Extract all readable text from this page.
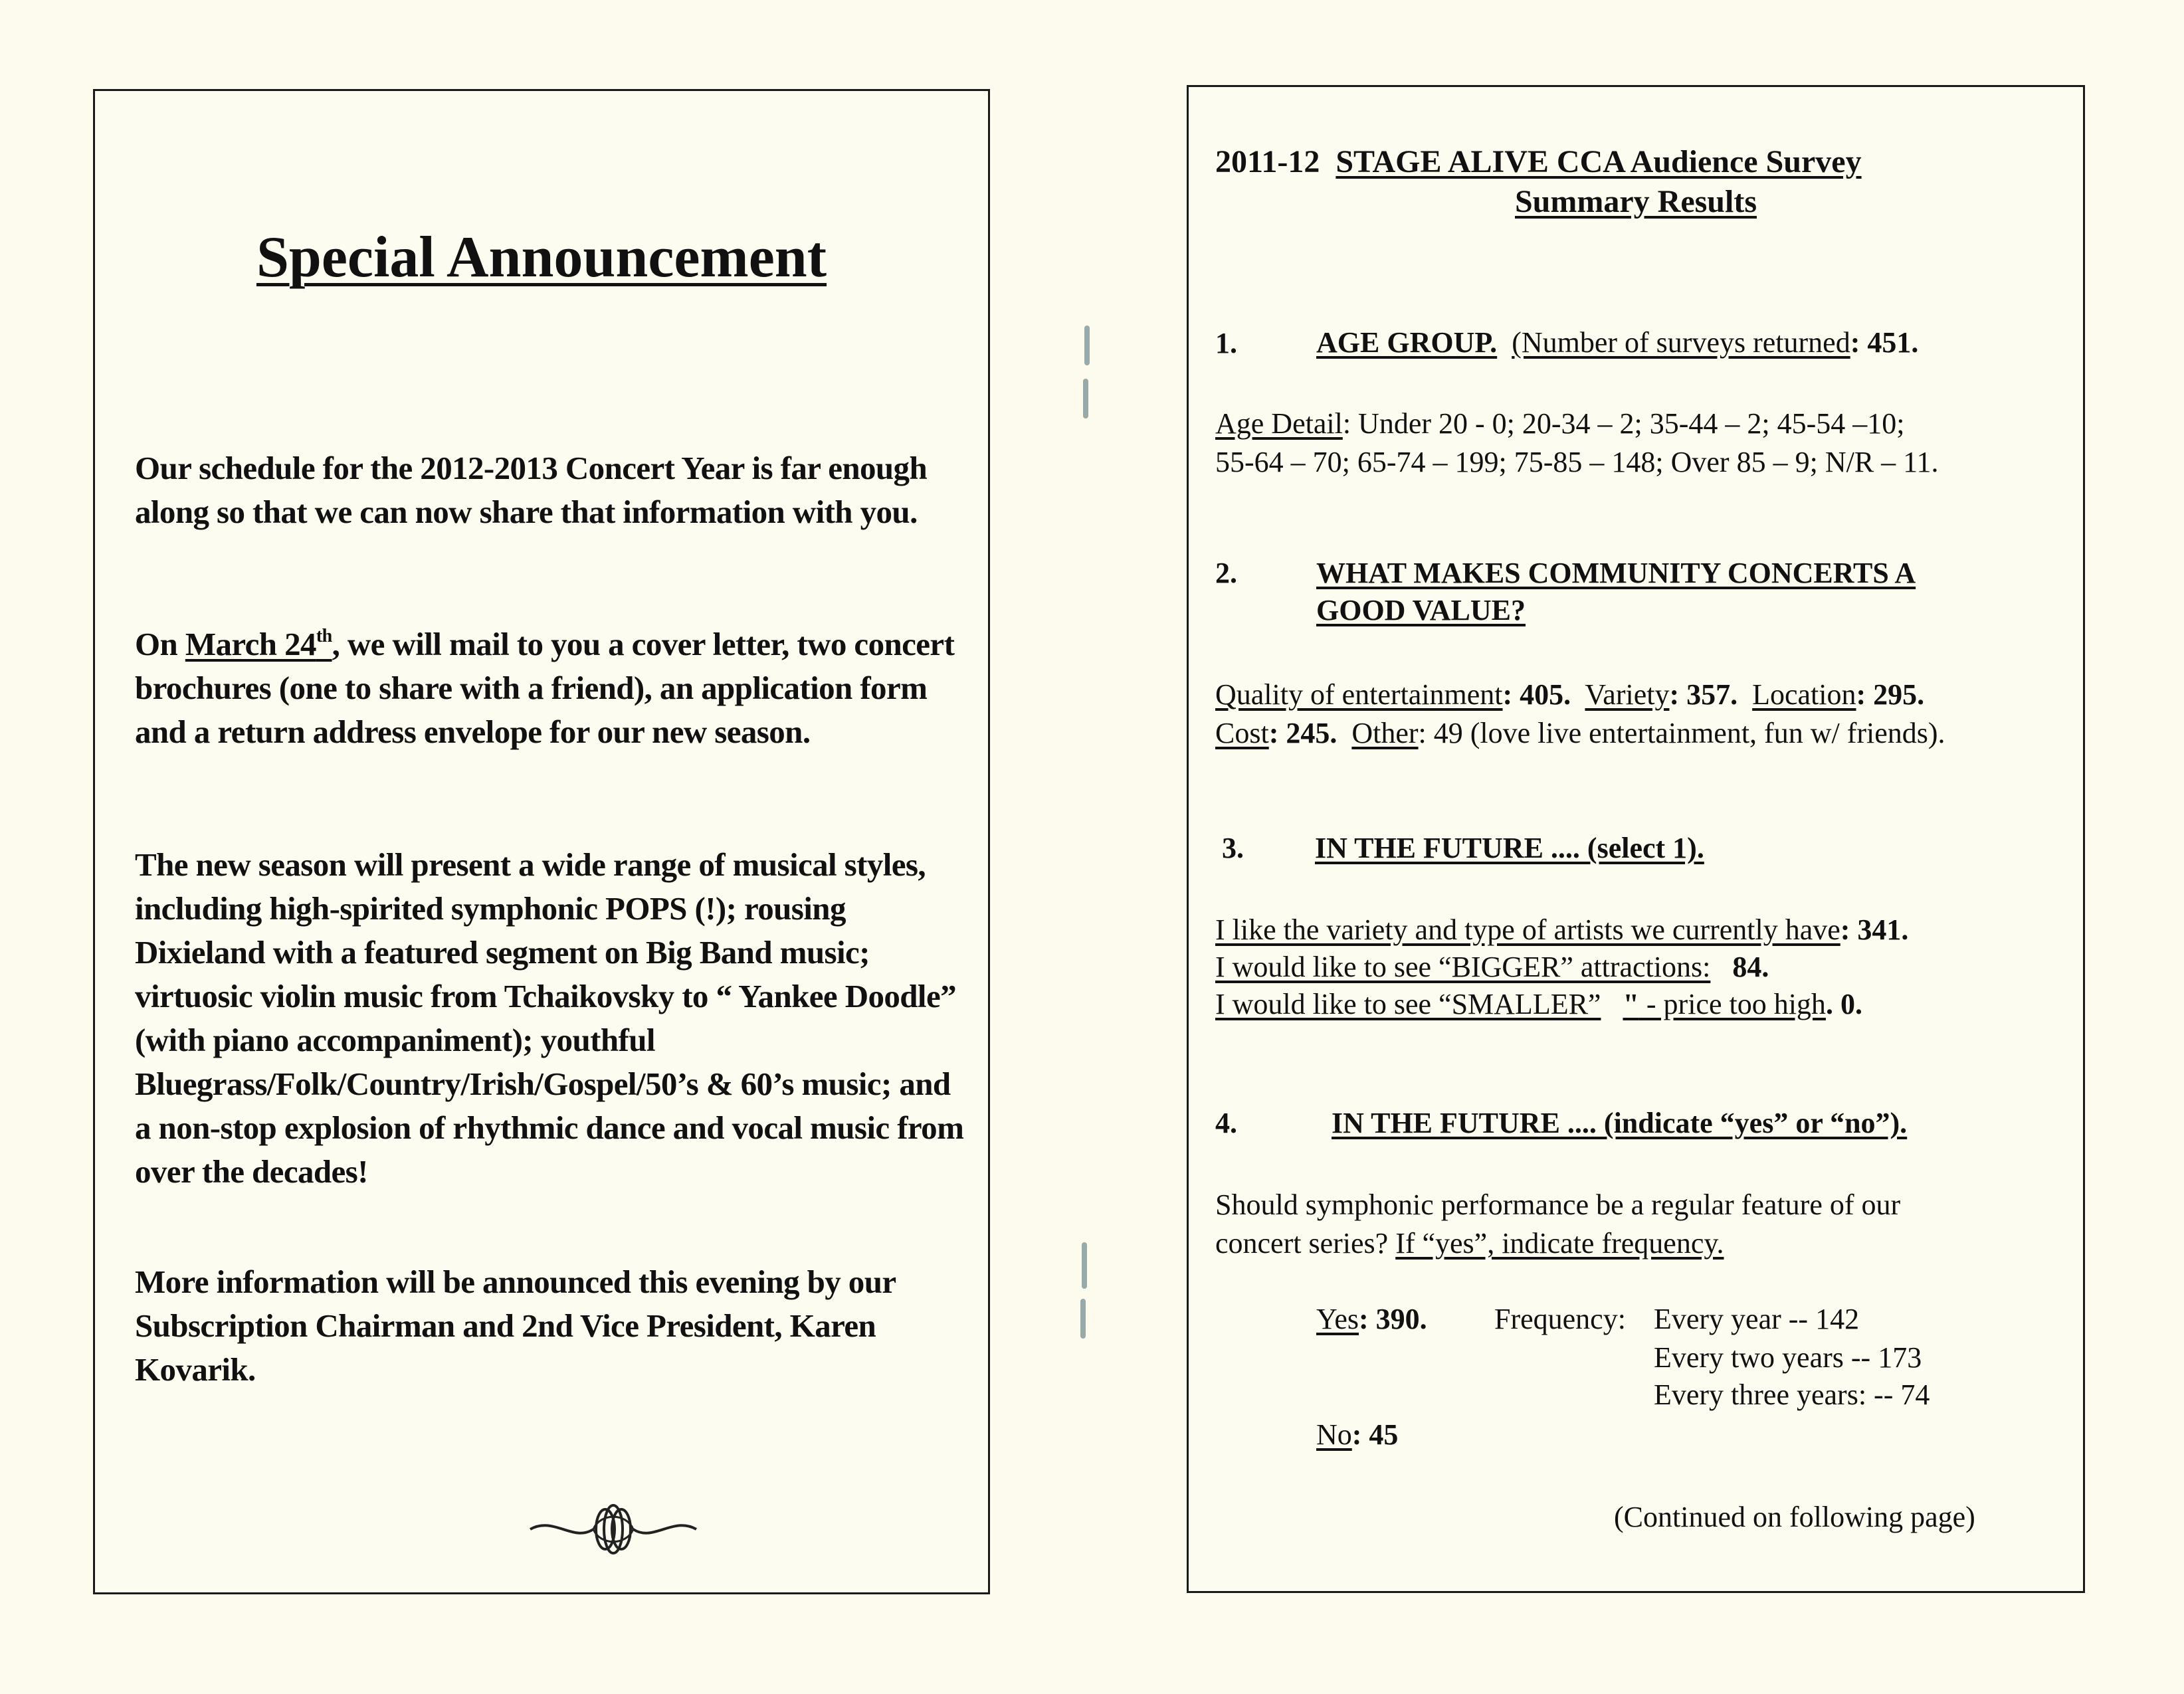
Special Announcement
Our schedule for the 2012-2013 Concert Year is far enough along so that we can now share that information with you.
On March 24th, we will mail to you a cover letter, two concert brochures (one to share with a friend), an application form and a return address envelope for our new season.
The new season will present a wide range of musical styles, including high-spirited symphonic POPS (!); rousing Dixieland with a featured segment on Big Band music; virtuosic violin music from Tchaikovsky to “ Yankee Doodle” (with piano accompaniment); youthful Bluegrass/Folk/Country/Irish/Gospel/50’s & 60’s music; and a non-stop explosion of rhythmic dance and vocal music from over the decades!
More information will be announced this evening by our Subscription Chairman and 2nd Vice President, Karen Kovarik.
2011-12 STAGE ALIVE CCA Audience Survey
Summary Results
1.	AGE GROUP. (Number of surveys returned: 451.
Age Detail: Under 20 - 0; 20-34 – 2; 35-44 – 2; 45-54 –10;
55-64 – 70; 65-74 – 199; 75-85 – 148; Over 85 – 9; N/R – 11.
2.	WHAT MAKES COMMUNITY CONCERTS A
GOOD VALUE?
Quality of entertainment: 405. Variety: 357. Location: 295.
Cost: 245. Other: 49 (love live entertainment, fun w/ friends).
3. IN THE FUTURE .... (select 1).
I like the variety and type of artists we currently have: 341.
I would like to see “BIGGER” attractions: 84.
I would like to see “SMALLER” " - price too high. 0.
4.	IN THE FUTURE .... (indicate “yes” or “no”).
Should symphonic performance be a regular feature of our
concert series? If “yes”, indicate frequency.
Yes: 390. Frequency: Every year -- 142
Every two years -- 173
Every three years: -- 74
No: 45
(Continued on following page)
